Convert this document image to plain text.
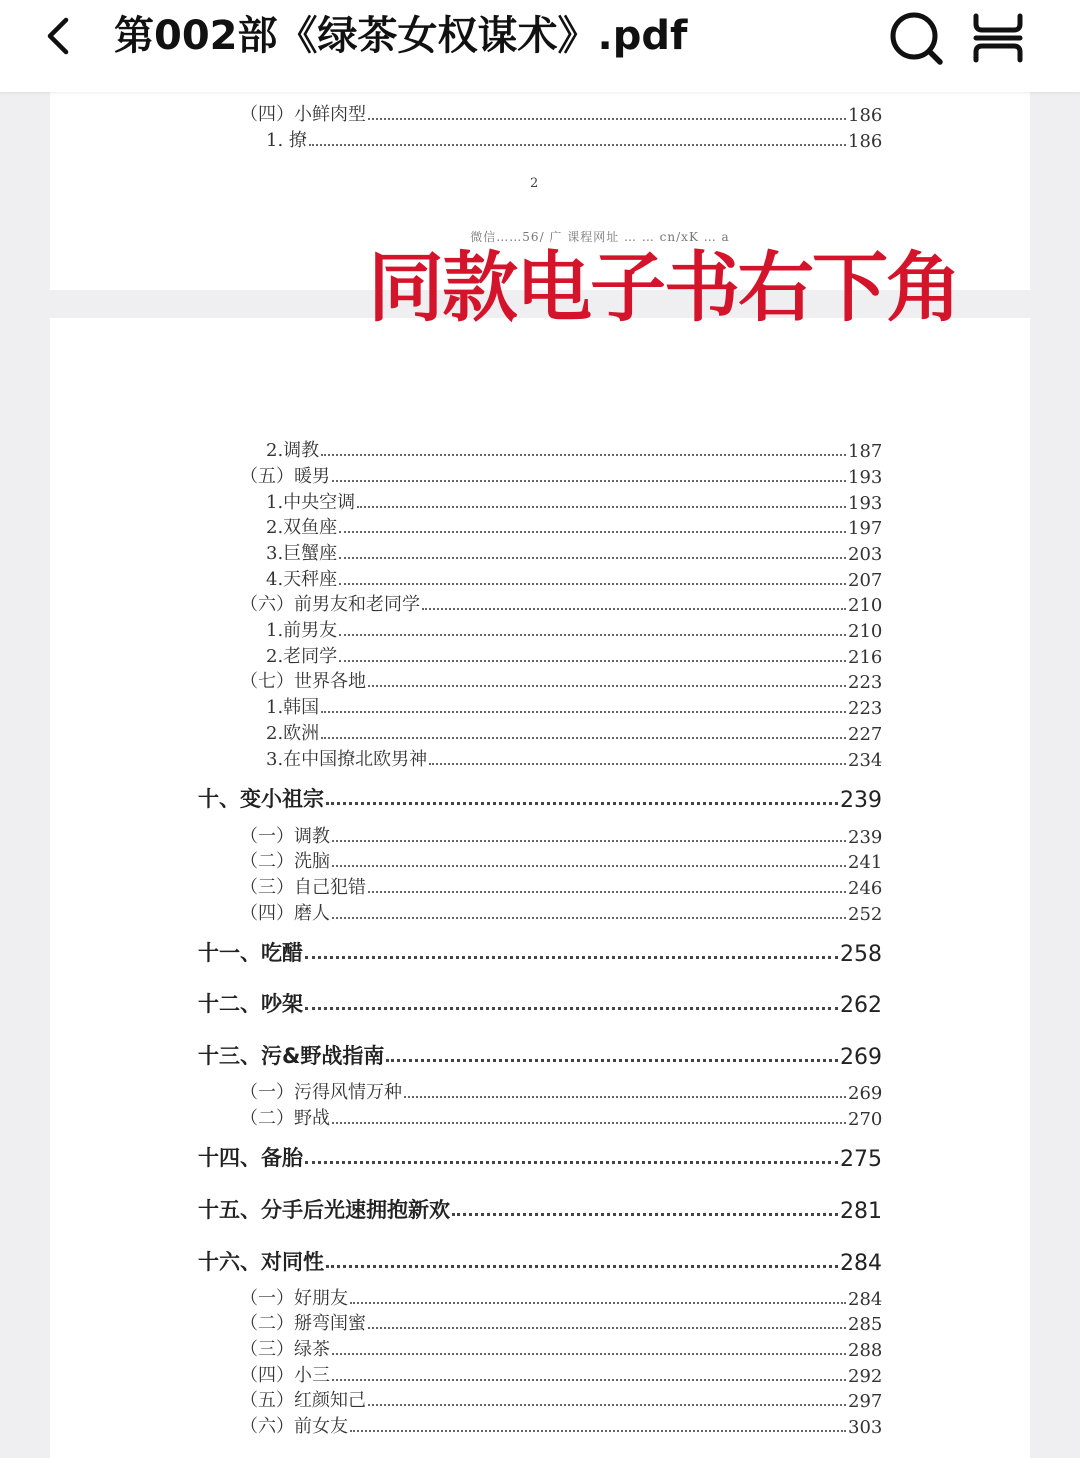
第002部《绿茶女权谋术》.pdf
（四）小鲜肉型	186
1. 撩	186
2
微信……56/ 广 课程网址 … … cn/xK … a
同款电子书右下角
2.调教	187
（五）暖男	193
1.中央空调	193
2.双鱼座	197
3.巨蟹座	203
4.天秤座	207
（六）前男友和老同学	210
1.前男友	210
2.老同学	216
（七）世界各地	223
1.韩国	223
2.欧洲	227
3.在中国撩北欧男神	234
十、变小祖宗	239
（一）调教	239
（二）洗脑	241
（三）自己犯错	246
（四）磨人	252
十一、吃醋	258
十二、吵架	262
十三、污&野战指南	269
（一）污得风情万种	269
（二）野战	270
十四、备胎	275
十五、分手后光速拥抱新欢	281
十六、对同性	284
（一）好朋友	284
（二）掰弯闺蜜	285
（三）绿茶	288
（四）小三	292
（五）红颜知己	297
（六）前女友	303
